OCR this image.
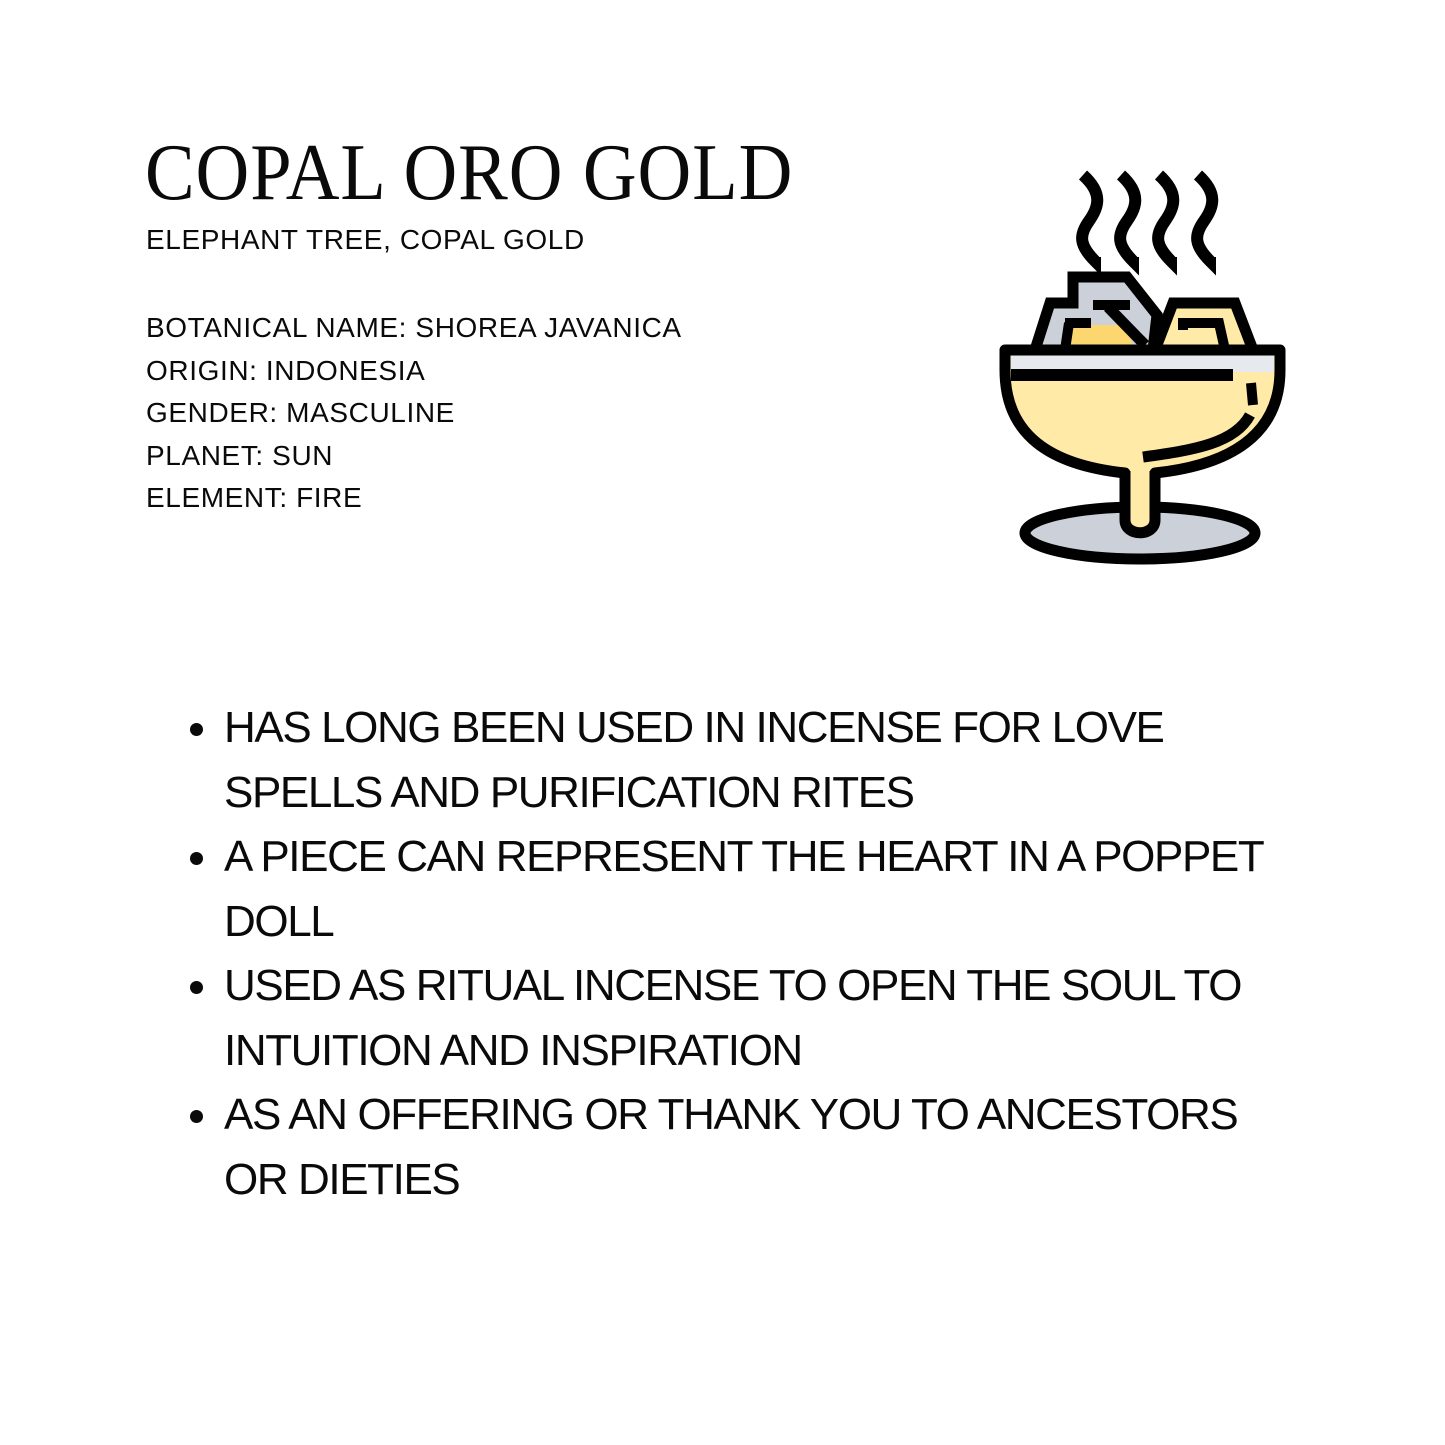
COPAL ORO GOLD
ELEPHANT TREE, COPAL GOLD
BOTANICAL NAME: SHOREA JAVANICA
ORIGIN: INDONESIA
GENDER: MASCULINE
PLANET: SUN
ELEMENT: FIRE
HAS LONG BEEN USED IN INCENSE FOR LOVE SPELLS AND PURIFICATION RITES
A PIECE CAN REPRESENT THE HEART IN A POPPET DOLL
USED AS RITUAL INCENSE TO OPEN THE SOUL TO INTUITION AND INSPIRATION
AS AN OFFERING OR THANK YOU TO ANCESTORS OR DIETIES
